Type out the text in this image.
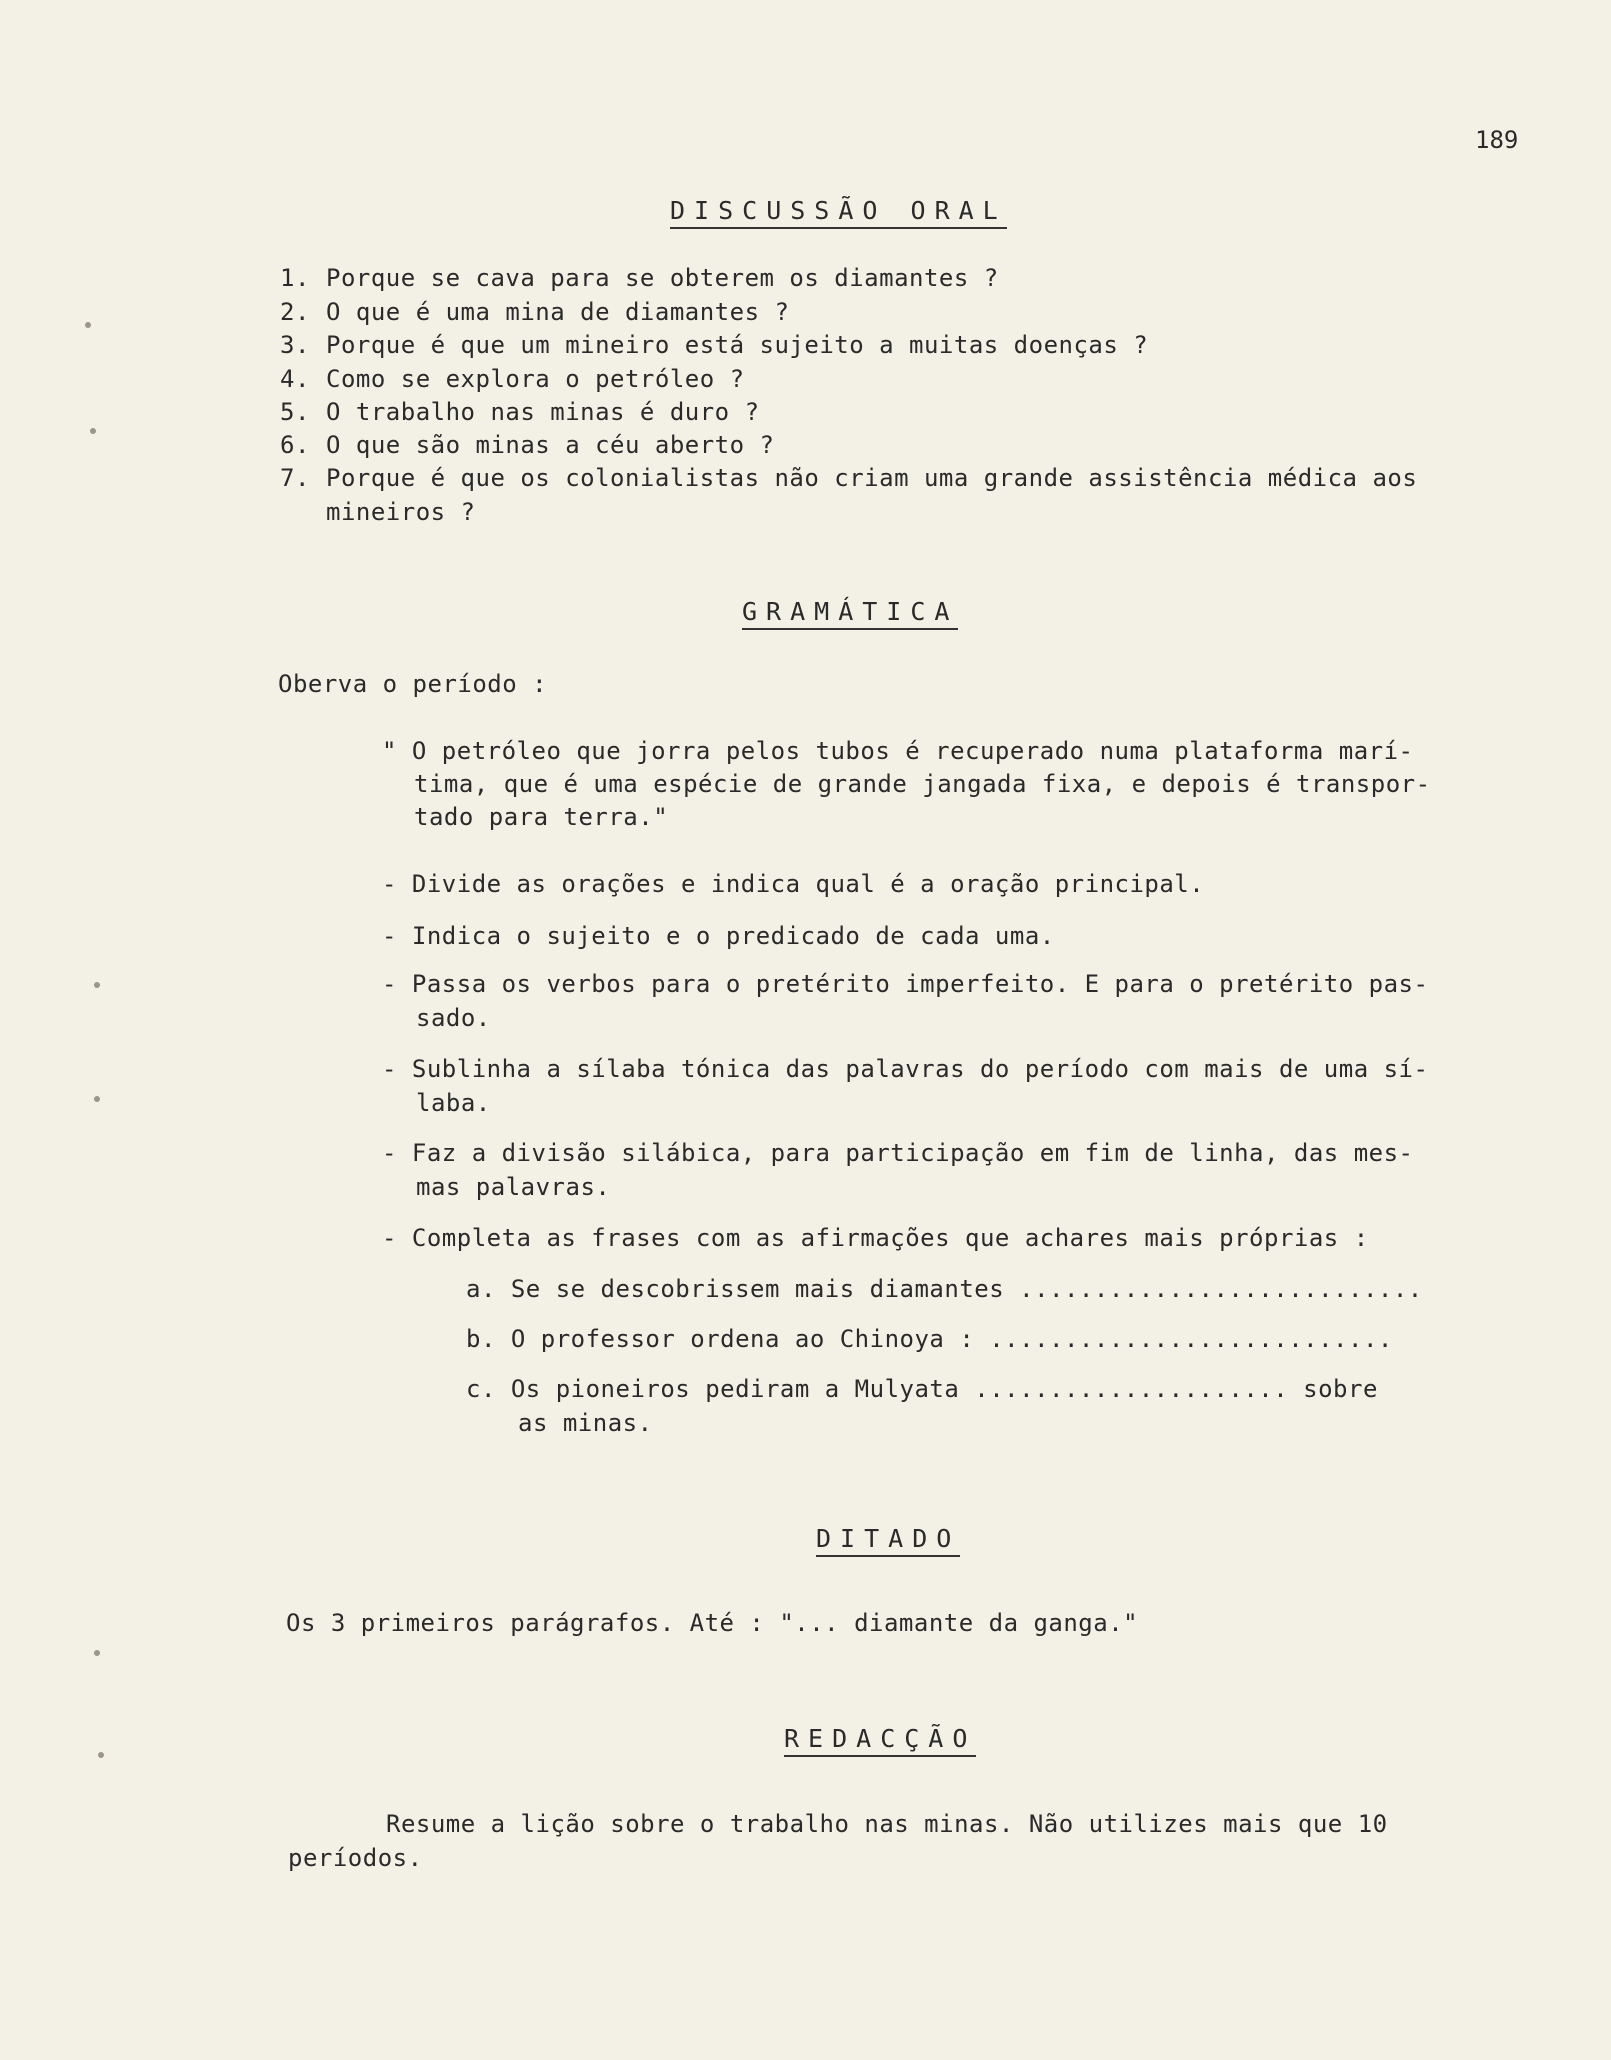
189
DISCUSSÃO ORAL
1. Porque se cava para se obterem os diamantes ?
2. O que é uma mina de diamantes ?
3. Porque é que um mineiro está sujeito a muitas doenças ?
4. Como se explora o petróleo ?
5. O trabalho nas minas é duro ?
6. O que são minas a céu aberto ?
7. Porque é que os colonialistas não criam uma grande assistência médica aos
mineiros ?
GRAMÁTICA
Oberva o período :
" O petróleo que jorra pelos tubos é recuperado numa plataforma marí-
tima, que é uma espécie de grande jangada fixa, e depois é transpor-
tado para terra."
- Divide as orações e indica qual é a oração principal.
- Indica o sujeito e o predicado de cada uma.
- Passa os verbos para o pretérito imperfeito. E para o pretérito pas-
sado.
- Sublinha a sílaba tónica das palavras do período com mais de uma sí-
laba.
- Faz a divisão silábica, para participação em fim de linha, das mes-
mas palavras.
- Completa as frases com as afirmações que achares mais próprias :
a. Se se descobrissem mais diamantes ...........................
b. O professor ordena ao Chinoya : ...........................
c. Os pioneiros pediram a Mulyata ..................... sobre
as minas.
DITADO
Os 3 primeiros parágrafos. Até : "... diamante da ganga."
REDACÇÃO
Resume a lição sobre o trabalho nas minas. Não utilizes mais que 10
períodos.
